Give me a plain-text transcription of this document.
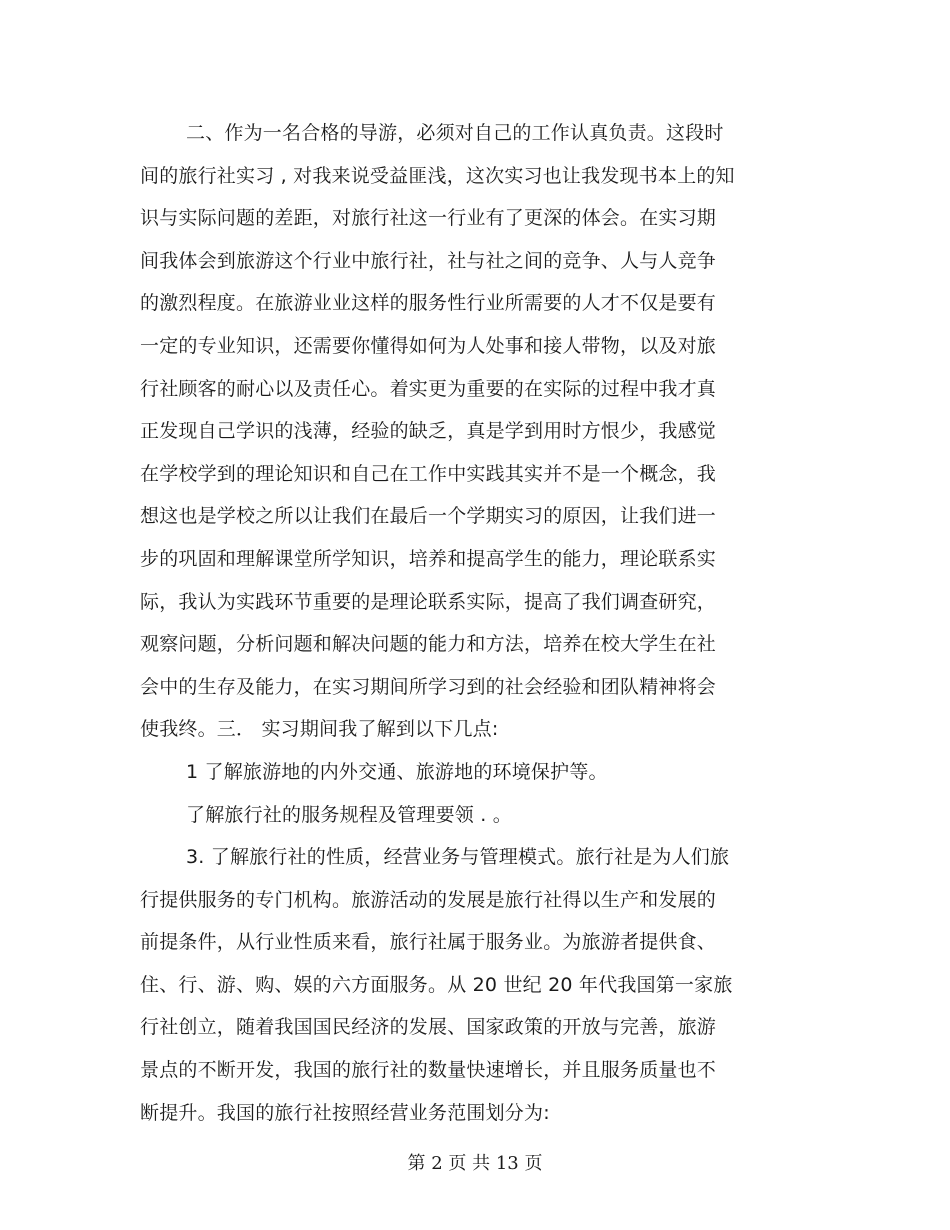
二、作为一名合格的导游，必须对自己的工作认真负责。这段时
间的旅行社实习 , 对我来说受益匪浅，这次实习也让我发现书本上的知
识与实际问题的差距，对旅行社这一行业有了更深的体会。在实习期
间我体会到旅游这个行业中旅行社，社与社之间的竞争、人与人竞争
的激烈程度。在旅游业业这样的服务性行业所需要的人才不仅是要有
一定的专业知识，还需要你懂得如何为人处事和接人带物，以及对旅
行社顾客的耐心以及责任心。着实更为重要的在实际的过程中我才真
正发现自己学识的浅薄，经验的缺乏，真是学到用时方恨少，我感觉
在学校学到的理论知识和自己在工作中实践其实并不是一个概念，我
想这也是学校之所以让我们在最后一个学期实习的原因，让我们进一
步的巩固和理解课堂所学知识，培养和提高学生的能力，理论联系实
际，我认为实践环节重要的是理论联系实际，提高了我们调查研究，
观察问题，分析问题和解决问题的能力和方法，培养在校大学生在社
会中的生存及能力，在实习期间所学习到的社会经验和团队精神将会
使我终。三． 实习期间我了解到以下几点:
1 了解旅游地的内外交通、旅游地的环境保护等。
了解旅行社的服务规程及管理要领 . 。
3. 了解旅行社的性质，经营业务与管理模式。旅行社是为人们旅
行提供服务的专门机构。旅游活动的发展是旅行社得以生产和发展的
前提条件，从行业性质来看，旅行社属于服务业。为旅游者提供食、
住、行、游、购、娱的六方面服务。从 20 世纪 20 年代我国第一家旅
行社创立，随着我国国民经济的发展、国家政策的开放与完善，旅游
景点的不断开发，我国的旅行社的数量快速增长，并且服务质量也不
断提升。我国的旅行社按照经营业务范围划分为:
第 2 页 共 13 页
